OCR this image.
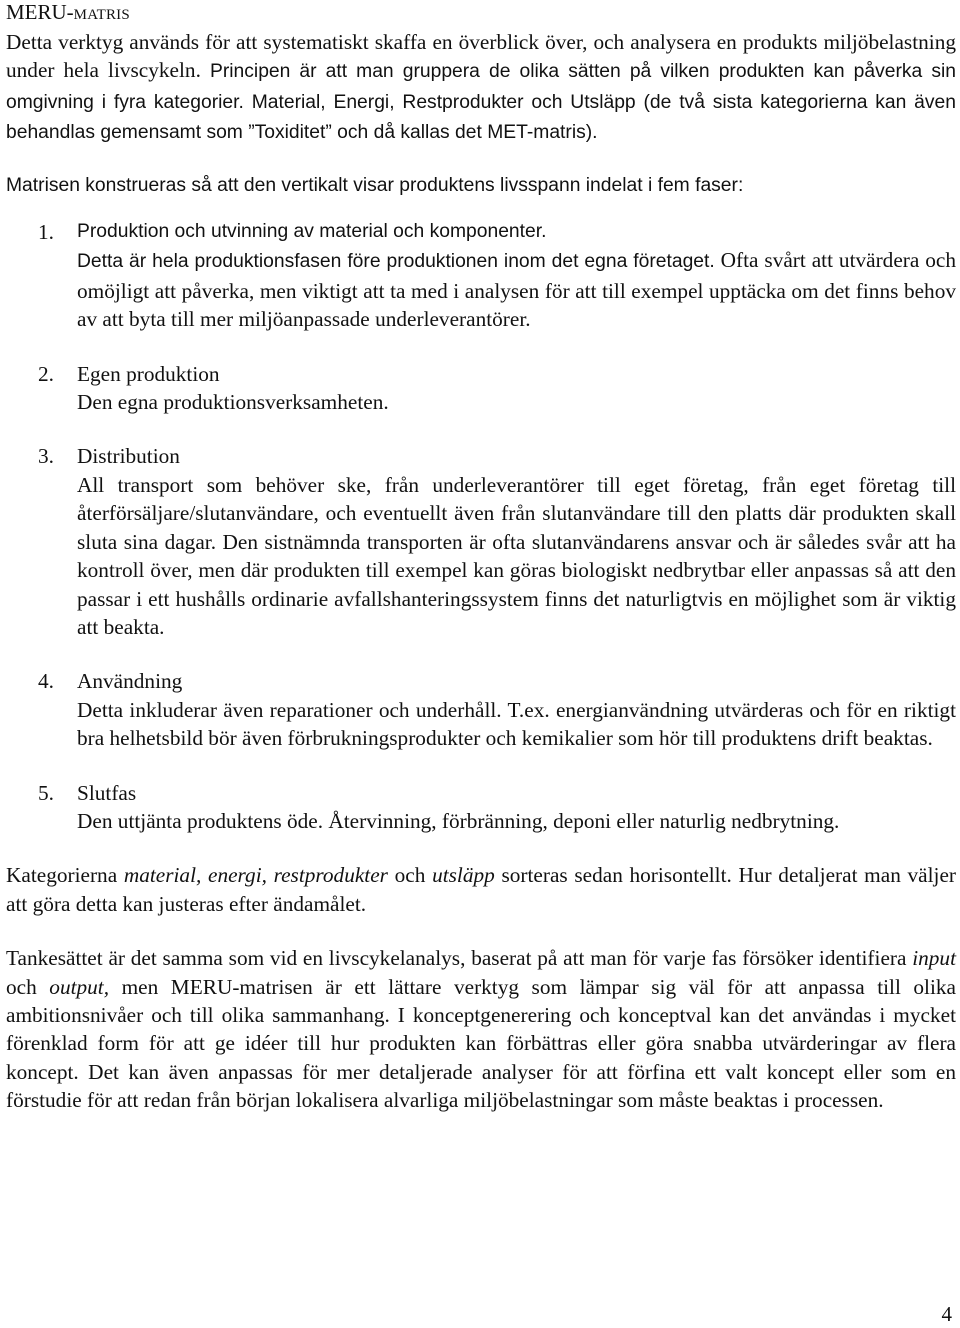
MERU-MATRIS

Detta verktyg används för att systematiskt skaffa en överblick över, och analysera en produkts miljöbelastning under hela livscykeln. Principen är att man gruppera de olika sätten på vilken produkten kan påverka sin omgivning i fyra kategorier. Material, Energi, Restprodukter och Utsläpp (de två sista kategorierna kan även behandlas gemensamt som ”Toxiditet” och då kallas det MET-matris).

Matrisen konstrueras så att den vertikalt visar produktens livsspann indelat i fem faser:

1. Produktion och utvinning av material och komponenter.

Detta är hela produktionsfasen före produktionen inom det egna företaget. Ofta svårt att utvärdera och omöjligt att påverka, men viktigt att ta med i analysen för att till exempel upptäcka om det finns behov av att byta till mer miljöanpassade underleverantörer.

2. Egen produktion

Den egna produktionsverksamheten.

3. Distribution

All transport som behöver ske, från underleverantörer till eget företag, från eget företag till återförsäljare/slutanvändare, och eventuellt även från slutanvändare till den platts där produkten skall sluta sina dagar. Den sistnämnda transporten är ofta slutanvändarens ansvar och är således svår att ha kontroll över, men där produkten till exempel kan göras biologiskt nedbrytbar eller anpassas så att den passar i ett hushålls ordinarie avfallshanteringssystem finns det naturligtvis en möjlighet som är viktig att beakta.

4. Användning

Detta inkluderar även reparationer och underhåll. T.ex. energianvändning utvärderas och för en riktigt bra helhetsbild bör även förbrukningsprodukter och kemikalier som hör till produktens drift beaktas.

5. Slutfas

Den uttjänta produktens öde. Återvinning, förbränning, deponi eller naturlig nedbrytning.

Kategorierna material, energi, restprodukter och utsläpp sorteras sedan horisontellt. Hur detaljerat man väljer att göra detta kan justeras efter ändamålet.

Tankesättet är det samma som vid en livscykelanalys, baserat på att man för varje fas försöker identifiera input och output, men MERU-matrisen är ett lättare verktyg som lämpar sig väl för att anpassa till olika ambitionsnivåer och till olika sammanhang. I konceptgenerering och konceptval kan det användas i mycket förenklad form för att ge idéer till hur produkten kan förbättras eller göra snabba utvärderingar av flera koncept. Det kan även anpassas för mer detaljerade analyser för att förfina ett valt koncept eller som en förstudie för att redan från början lokalisera alvarliga miljöbelastningar som måste beaktas i processen.

4
